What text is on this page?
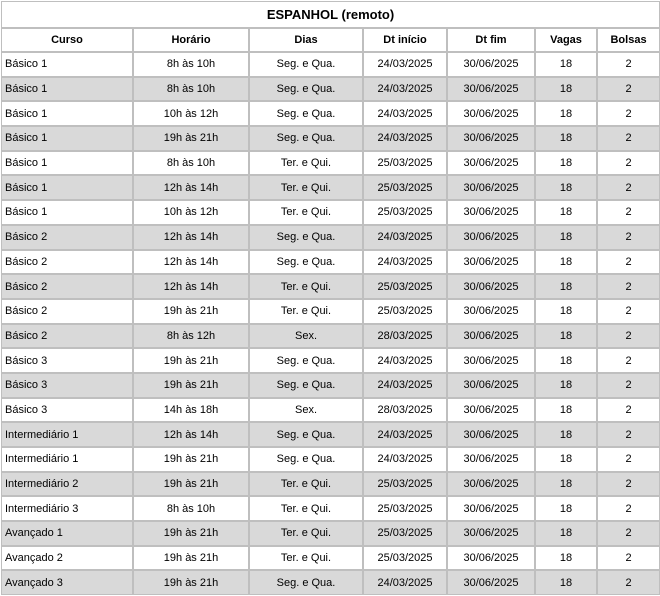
ESPANHOL (remoto)						
Curso	Horário	Dias	Dt início	Dt fim	Vagas	Bolsas
Básico 1	8h às 10h	Seg. e Qua.	24/03/2025	30/06/2025	18	2
Básico 1	8h às 10h	Seg. e Qua.	24/03/2025	30/06/2025	18	2
Básico 1	10h às 12h	Seg. e Qua.	24/03/2025	30/06/2025	18	2
Básico 1	19h às 21h	Seg. e Qua.	24/03/2025	30/06/2025	18	2
Básico 1	8h às 10h	Ter. e Qui.	25/03/2025	30/06/2025	18	2
Básico 1	12h às 14h	Ter. e Qui.	25/03/2025	30/06/2025	18	2
Básico 1	10h às 12h	Ter. e Qui.	25/03/2025	30/06/2025	18	2
Básico 2	12h às 14h	Seg. e Qua.	24/03/2025	30/06/2025	18	2
Básico 2	12h às 14h	Seg. e Qua.	24/03/2025	30/06/2025	18	2
Básico 2	12h às 14h	Ter. e Qui.	25/03/2025	30/06/2025	18	2
Básico 2	19h às 21h	Ter. e Qui.	25/03/2025	30/06/2025	18	2
Básico 2	8h às 12h	Sex.	28/03/2025	30/06/2025	18	2
Básico 3	19h às 21h	Seg. e Qua.	24/03/2025	30/06/2025	18	2
Básico 3	19h às 21h	Seg. e Qua.	24/03/2025	30/06/2025	18	2
Básico 3	14h às 18h	Sex.	28/03/2025	30/06/2025	18	2
Intermediário 1	12h às 14h	Seg. e Qua.	24/03/2025	30/06/2025	18	2
Intermediário 1	19h às 21h	Seg. e Qua.	24/03/2025	30/06/2025	18	2
Intermediário 2	19h às 21h	Ter. e Qui.	25/03/2025	30/06/2025	18	2
Intermediário 3	8h às 10h	Ter. e Qui.	25/03/2025	30/06/2025	18	2
Avançado 1	19h às 21h	Ter. e Qui.	25/03/2025	30/06/2025	18	2
Avançado 2	19h às 21h	Ter. e Qui.	25/03/2025	30/06/2025	18	2
Avançado 3	19h às 21h	Seg. e Qua.	24/03/2025	30/06/2025	18	2
